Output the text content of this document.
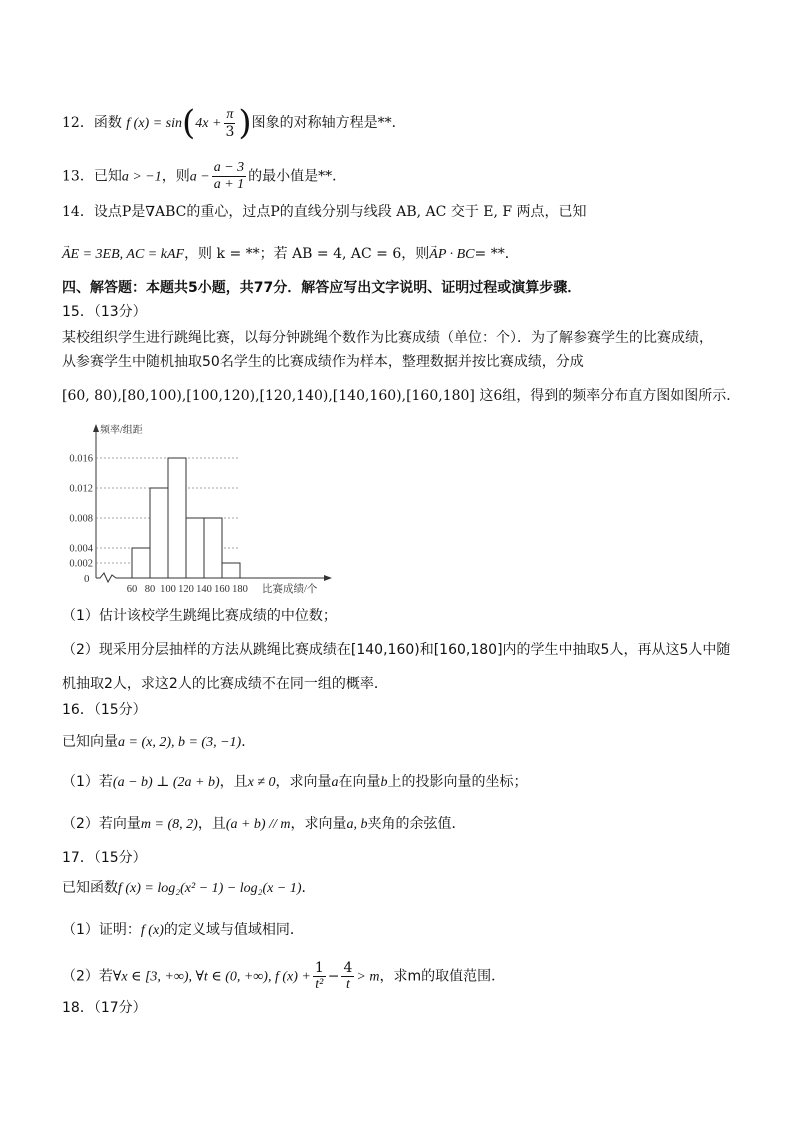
12．函数 f $(x) = \sin(4x + \frac{\pi}{3}$ )图象的对称轴方程是**．
13．已知a > −1，则$a - \frac{a - 3}{a + 1}$ 的最小值是**．
14．设点P是∇ABC的重心，过点P的直线分别与线段 AB, AC 交于 E, F 两点，已知
→ AE = 3EB, AC = kAF，则 k = **；若 AB = 4, AC = 6，则→ AP · BC= **．
四、解答题：本题共5小题，共77分．解答应写出文字说明、证明过程或演算步骤．
15．（13分）
某校组织学生进行跳绳比赛，以每分钟跳绳个数作为比赛成绩（单位：个）．为了解参赛学生的比赛成绩，
从参赛学生中随机抽取50名学生的比赛成绩作为样本，整理数据并按比赛成绩，分成
[60, 80),[80,100),[100,120),[120,140),[140,160),[160,180] 这6组，得到的频率分布直方图如图所示．
频率/组距
0
0.016
0.012
0.008
0.004
0.002
60 80 100 120 140 160 180 比赛成绩/个
（1）估计该校学生跳绳比赛成绩的中位数；
（2）现采用分层抽样的方法从跳绳比赛成绩在[140,160)和[160,180]内的学生中抽取5人，再从这5人中随
机抽取2人，求这2人的比赛成绩不在同一组的概率．
16．（15分）
已知向量a = (x, 2), b = (3, −1)．
（1）若(a − b) ⊥ (2a + b)，且x ≠ 0，求向量a在向量b上的投影向量的坐标；
（2）若向量m = (8, 2)，且(a + b) // m，求向量a, b夹角的余弦值．
17．（15分）
已知函数f (x) = log₂(x² − 1) − log₂(x − 1)．
（1）证明：f (x)的定义域与值域相同．
（2）若∀x ∈ [3, +∞), ∀t ∈ (0, +∞), f $(x) + \frac{1}{\text{t²}} - \frac{4}{t} > m$，求m的取值范围．
18．（17分）
